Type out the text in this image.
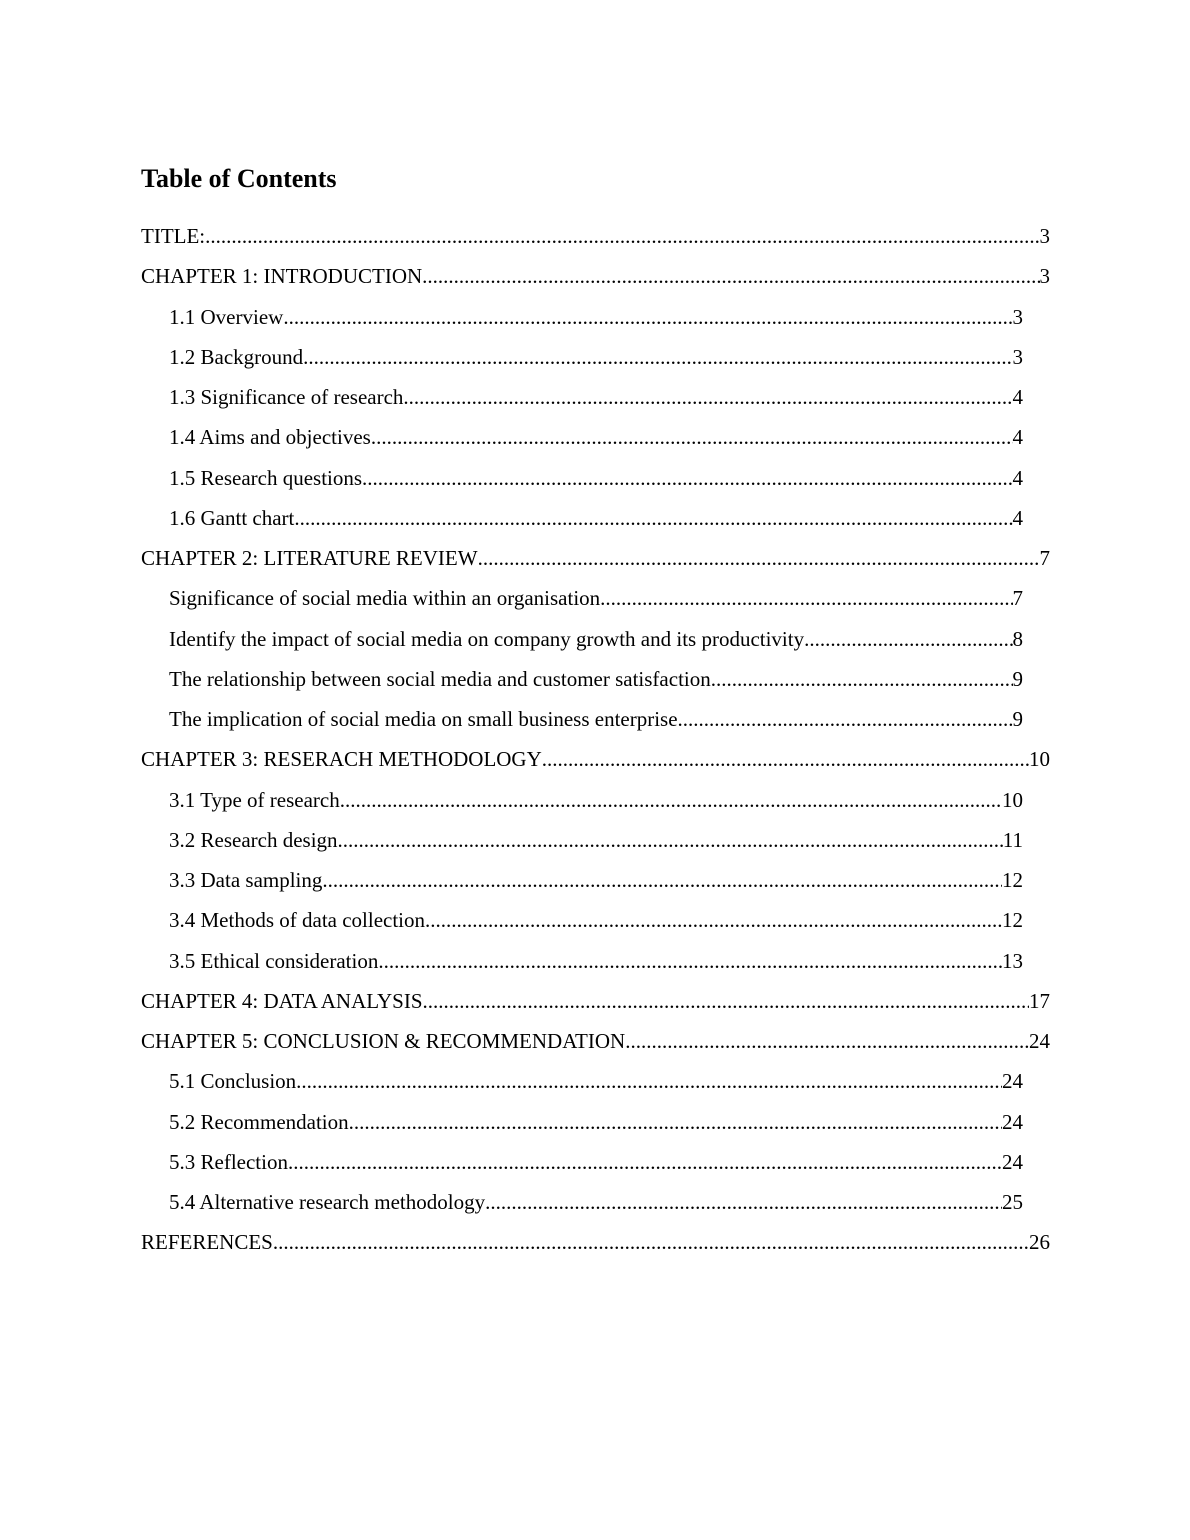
Table of Contents
TITLE: .....	3
CHAPTER 1: INTRODUCTION .....	3
1.1 Overview .....	3
1.2 Background .....	3
1.3 Significance of research .....	4
1.4 Aims and objectives .....	4
1.5 Research questions .....	4
1.6 Gantt chart .....	4
CHAPTER 2: LITERATURE REVIEW .....	7
Significance of social media within an organisation .....	7
Identify the impact of social media on company growth and its productivity .....	8
The relationship between social media and customer satisfaction .....	9
The implication of social media on small business enterprise .....	9
CHAPTER 3: RESERACH METHODOLOGY .....	10
3.1 Type of research .....	10
3.2 Research design .....	11
3.3 Data sampling .....	12
3.4 Methods of data collection .....	12
3.5 Ethical consideration .....	13
CHAPTER 4: DATA ANALYSIS .....	17
CHAPTER 5: CONCLUSION & RECOMMENDATION .....	24
5.1 Conclusion .....	24
5.2 Recommendation .....	24
5.3 Reflection .....	24
5.4 Alternative research methodology .....	25
REFERENCES .....	26
